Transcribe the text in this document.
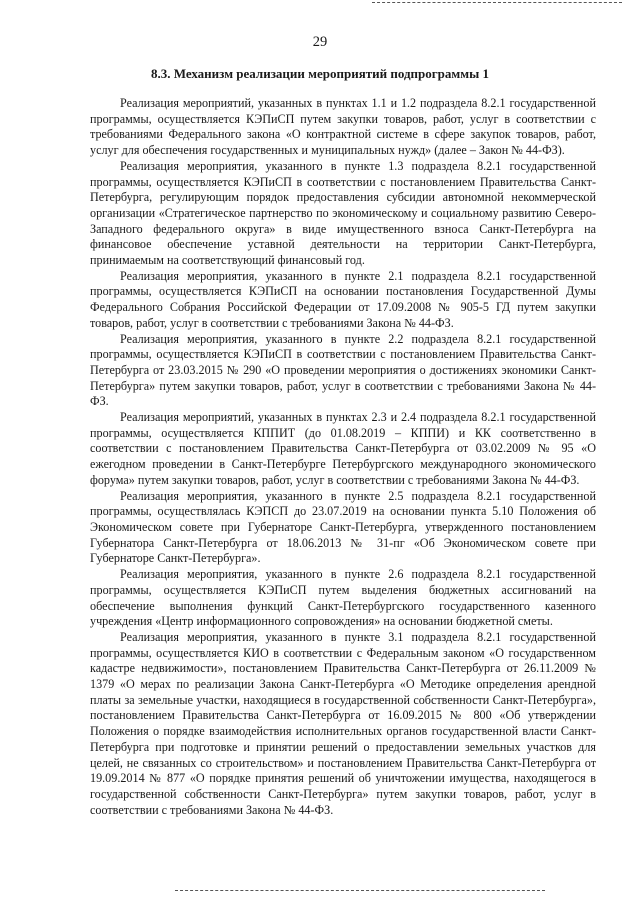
29
8.3. Механизм реализации мероприятий подпрограммы 1

Реализация мероприятий, указанных в пунктах 1.1 и 1.2 подраздела 8.2.1 государственной программы, осуществляется КЭПиСП путем закупки товаров, работ, услуг в соответствии с требованиями Федерального закона «О контрактной системе в сфере закупок товаров, работ, услуг для обеспечения государственных и муниципальных нужд» (далее – Закон № 44-ФЗ).

Реализация мероприятия, указанного в пункте 1.3 подраздела 8.2.1 государственной программы, осуществляется КЭПиСП в соответствии с постановлением Правительства Санкт-Петербурга, регулирующим порядок предоставления субсидии автономной некоммерческой организации «Стратегическое партнерство по экономическому и социальному развитию Северо-Западного федерального округа» в виде имущественного взноса Санкт-Петербурга на финансовое обеспечение уставной деятельности на территории Санкт-Петербурга, принимаемым на соответствующий финансовый год.

Реализация мероприятия, указанного в пункте 2.1 подраздела 8.2.1 государственной программы, осуществляется КЭПиСП на основании постановления Государственной Думы Федерального Собрания Российской Федерации от 17.09.2008 № 905-5 ГД путем закупки товаров, работ, услуг в соответствии с требованиями Закона № 44-ФЗ.

Реализация мероприятия, указанного в пункте 2.2 подраздела 8.2.1 государственной программы, осуществляется КЭПиСП в соответствии с постановлением Правительства Санкт-Петербурга от 23.03.2015 № 290 «О проведении мероприятия о достижениях экономики Санкт-Петербурга» путем закупки товаров, работ, услуг в соответствии с требованиями Закона № 44-ФЗ.

Реализация мероприятий, указанных в пунктах 2.3 и 2.4 подраздела 8.2.1 государственной программы, осуществляется КППИТ (до 01.08.2019 – КППИ) и КК соответственно в соответствии с постановлением Правительства Санкт-Петербурга от 03.02.2009 № 95 «О ежегодном проведении в Санкт-Петербурге Петербургского международного экономического форума» путем закупки товаров, работ, услуг в соответствии с требованиями Закона № 44-ФЗ.

Реализация мероприятия, указанного в пункте 2.5 подраздела 8.2.1 государственной программы, осуществлялась КЭПСП до 23.07.2019 на основании пункта 5.10 Положения об Экономическом совете при Губернаторе Санкт-Петербурга, утвержденного постановлением Губернатора Санкт-Петербурга от 18.06.2013 № 31-пг «Об Экономическом совете при Губернаторе Санкт-Петербурга».

Реализация мероприятия, указанного в пункте 2.6 подраздела 8.2.1 государственной программы, осуществляется КЭПиСП путем выделения бюджетных ассигнований на обеспечение выполнения функций Санкт-Петербургского государственного казенного учреждения «Центр информационного сопровождения» на основании бюджетной сметы.

Реализация мероприятия, указанного в пункте 3.1 подраздела 8.2.1 государственной программы, осуществляется КИО в соответствии с Федеральным законом «О государственном кадастре недвижимости», постановлением Правительства Санкт-Петербурга от 26.11.2009 № 1379 «О мерах по реализации Закона Санкт-Петербурга «О Методике определения арендной платы за земельные участки, находящиеся в государственной собственности Санкт-Петербурга», постановлением Правительства Санкт-Петербурга от 16.09.2015 № 800 «Об утверждении Положения о порядке взаимодействия исполнительных органов государственной власти Санкт-Петербурга при подготовке и принятии решений о предоставлении земельных участков для целей, не связанных со строительством» и постановлением Правительства Санкт-Петербурга от 19.09.2014 № 877 «О порядке принятия решений об уничтожении имущества, находящегося в государственной собственности Санкт-Петербурга» путем закупки товаров, работ, услуг в соответствии с требованиями Закона № 44-ФЗ.
